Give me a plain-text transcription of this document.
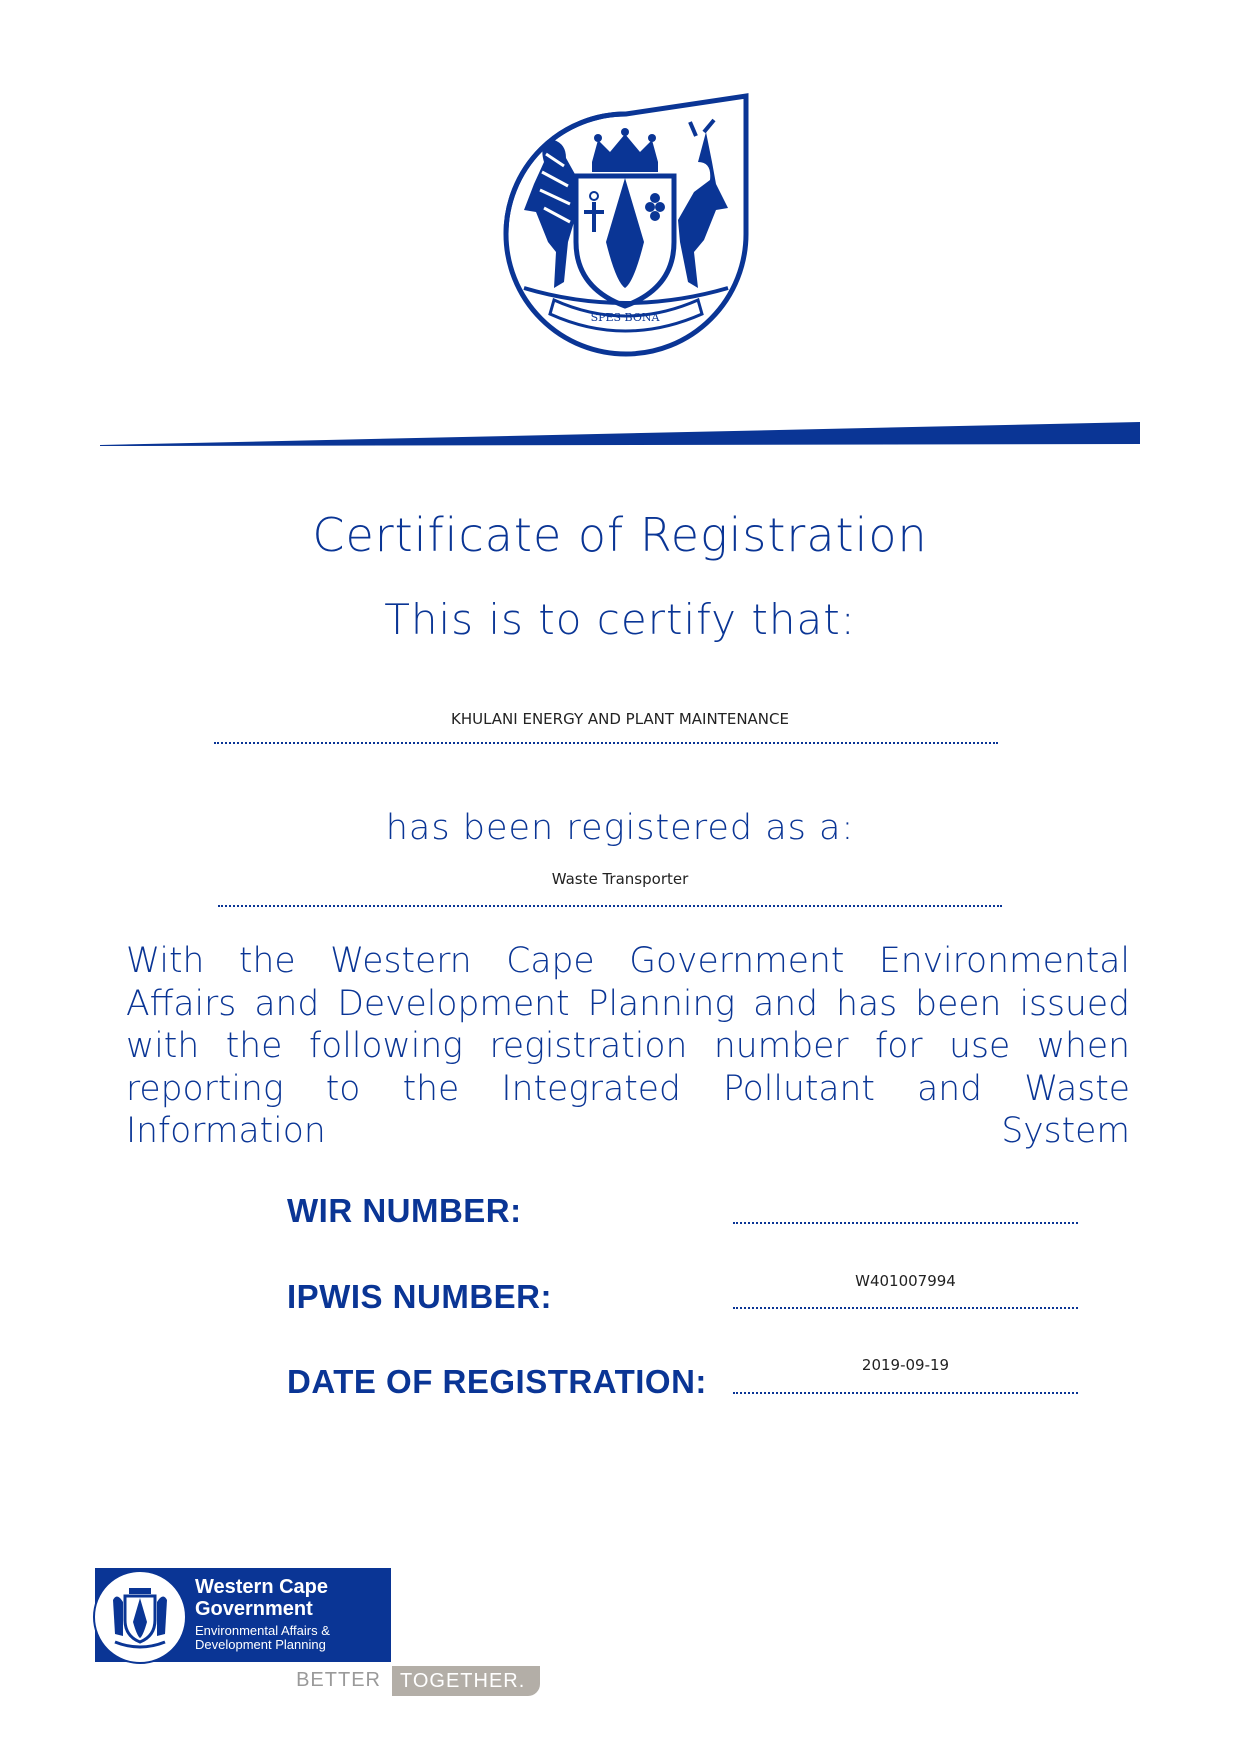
SPES BONA
Certificate of Registration
This is to certify that:
KHULANI ENERGY AND PLANT MAINTENANCE
has been registered as a:
Waste Transporter
With the Western Cape Government Environmental Affairs and Development Planning and has been issued with the following registration number for use when reporting to the Integrated Pollutant and Waste Information System
WIR NUMBER:
IPWIS NUMBER:	W401007994
DATE OF REGISTRATION:	2019-09-19
Western Cape
Government
Environmental Affairs &
Development Planning
BETTER TOGETHER.
